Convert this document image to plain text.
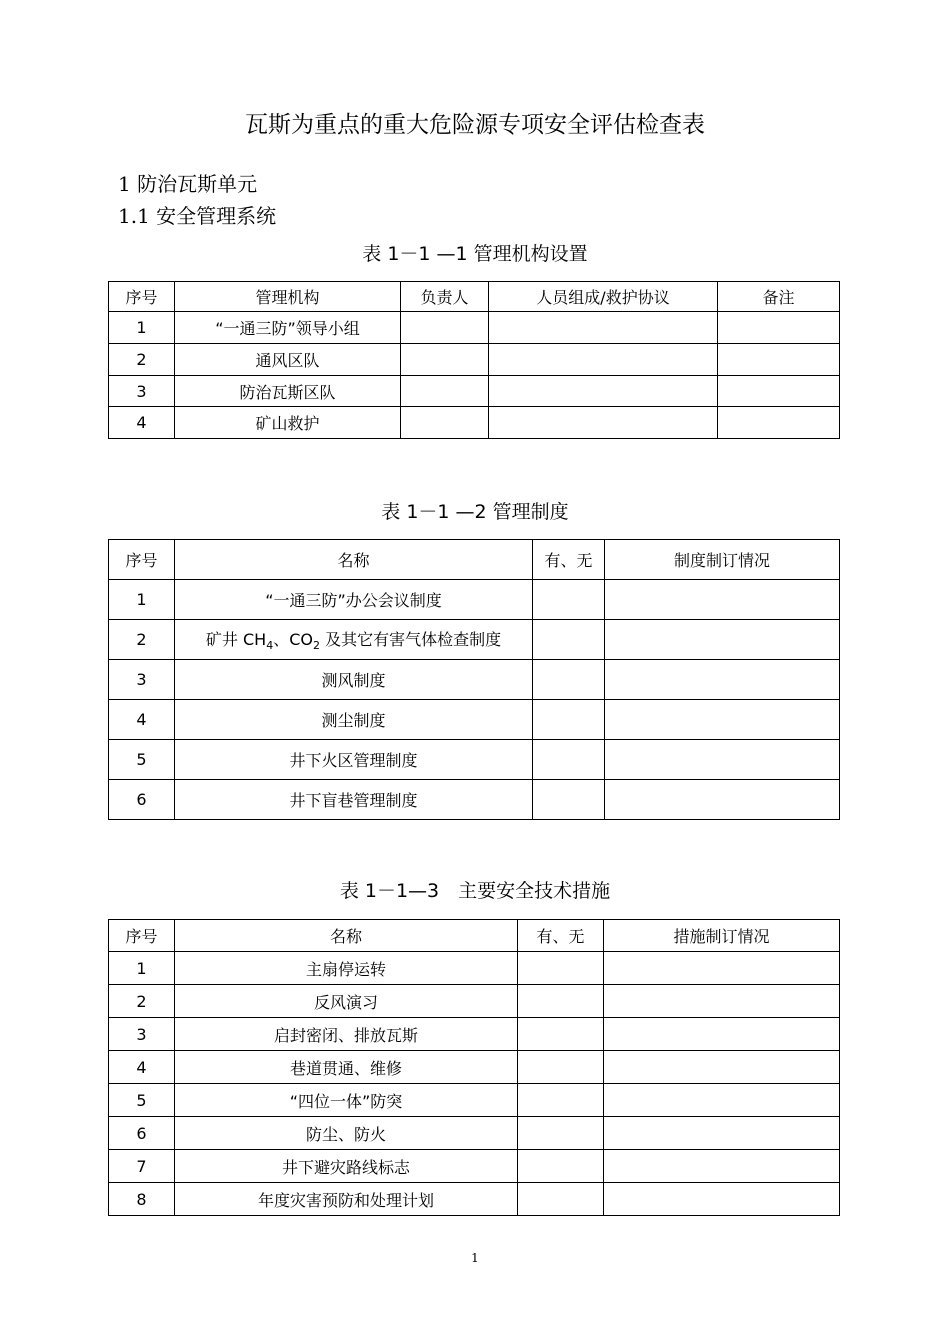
瓦斯为重点的重大危险源专项安全评估检查表
1 防治瓦斯单元
1.1 安全管理系统
表 1－1 —1 管理机构设置
序号	管理机构	负责人	人员组成/救护协议	备注
1	“一通三防”领导小组			
2	通风区队			
3	防治瓦斯区队			
4	矿山救护			
表 1－1 —2 管理制度
序号	名称	有、无	制度制订情况
1	“一通三防”办公会议制度		
2	矿井 $CH_4$、$CO_2$ 及其它有害气体检查制度		
3	测风制度		
4	测尘制度		
5	井下火区管理制度		
6	井下盲巷管理制度		
表 1－1—3　主要安全技术措施
序号	名称	有、无	措施制订情况
1	主扇停运转		
2	反风演习		
3	启封密闭、排放瓦斯		
4	巷道贯通、维修		
5	“四位一体”防突		
6	防尘、防火		
7	井下避灾路线标志		
8	年度灾害预防和处理计划		
1
